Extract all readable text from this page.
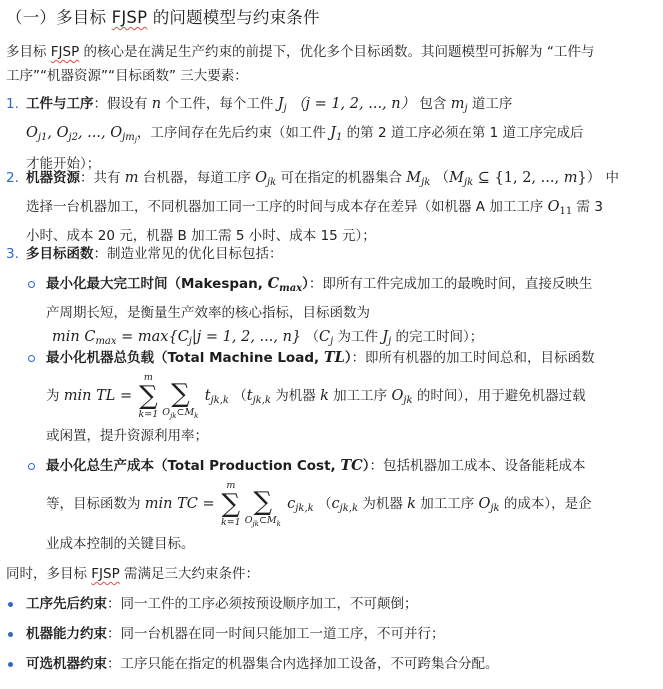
（一）多目标 FJSP 的问题模型与约束条件
多目标 FJSP 的核心是在满足生产约束的前提下，优化多个目标函数。其问题模型可拆解为 “工件与
工序”“机器资源”“目标函数” 三大要素：
1. 工件与工序：假设有 n 个工件，每个工件 $J_j$ （j = 1, 2, ..., n） 包含 $m_j$ 道工序
$O_{j1}$, $O_{j2}$, ..., $O_{jm_j}$，工序间存在先后约束（如工件 $J_1$ 的第 2 道工序必须在第 1 道工序完成后
才能开始）；
2. 机器资源：共有 m 台机器，每道工序 $O_{jk}$ 可在指定的机器集合 $M_{jk}$ （$M_{jk}$ ⊆ {1, 2, ..., m}） 中
选择一台机器加工，不同机器加工同一工序的时间与成本存在差异（如机器 A 加工工序 $O_{11}$ 需 3
小时、成本 20 元，机器 B 加工需 5 小时、成本 15 元）；
3. 多目标函数：制造业常见的优化目标包括：
最小化最大完工时间（Makespan, $C_{max}$）：即所有工件完成加工的最晚时间，直接反映生
产周期长短，是衡量生产效率的核心指标，目标函数为
$\min C_{max} = \max\{C_j|j = 1$, 2, ..., n} （$C_j$ 为工件 $J_j$ 的完工时间）；
最小化机器总负载（Total Machine Load, TL）：即所有机器的加工时间总和，目标函数
为 min TL =
m
∑
k=1
∑
$O_{jk}\subset M_k$
$t_{jk,k}$ （$t_{jk,k}$ 为机器 k 加工工序 $O_{jk}$ 的时间），用于避免机器过载
或闲置，提升资源利用率；
最小化总生产成本（Total Production Cost, TC）：包括机器加工成本、设备能耗成本
等，目标函数为 min TC =
m
∑
k=1
∑
$O_{jk}\subset M_k$
$c_{jk,k}$ （$c_{jk,k}$ 为机器 k 加工工序 $O_{jk}$ 的成本），是企
业成本控制的关键目标。
同时，多目标 FJSP 需满足三大约束条件：
工序先后约束：同一工件的工序必须按预设顺序加工，不可颠倒；
机器能力约束：同一台机器在同一时间只能加工一道工序，不可并行；
可选机器约束：工序只能在指定的机器集合内选择加工设备，不可跨集合分配。
